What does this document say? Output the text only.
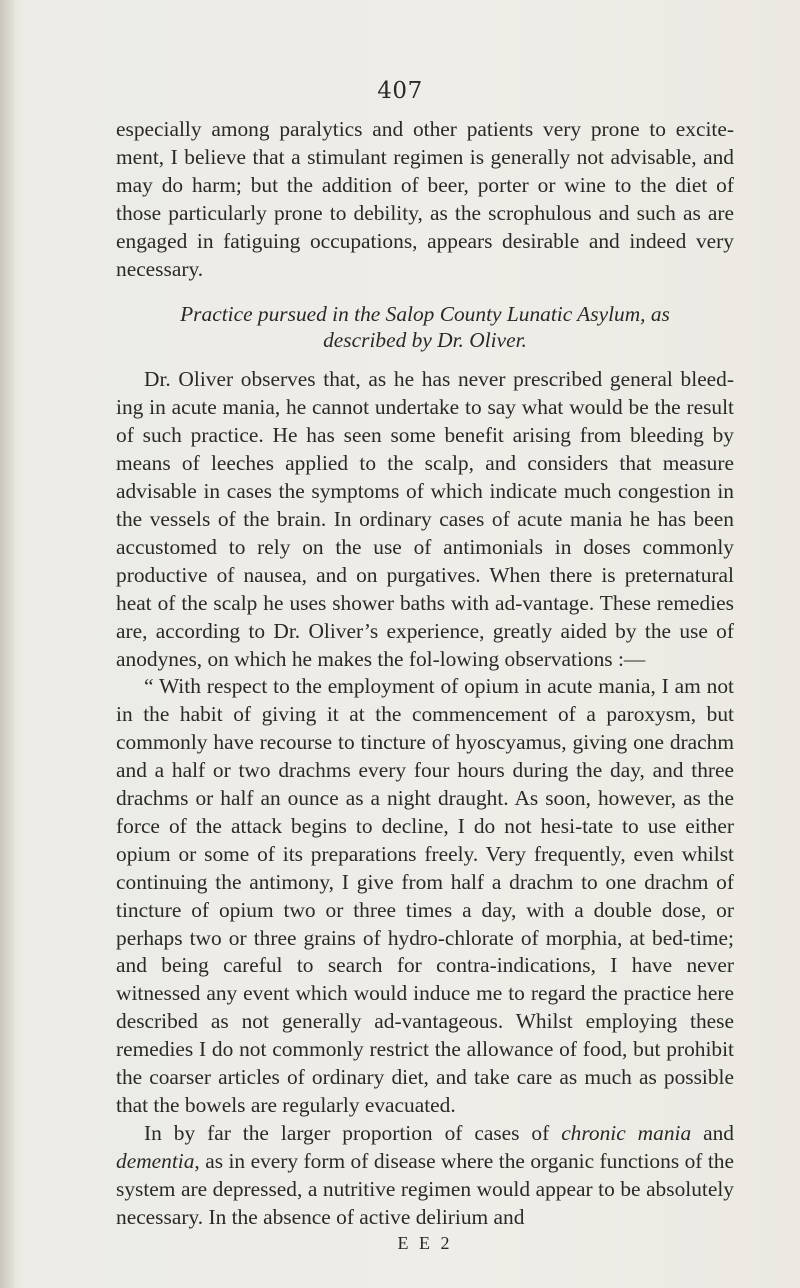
407

especially among paralytics and other patients very prone to excite-ment, I believe that a stimulant regimen is generally not advisable, and may do harm; but the addition of beer, porter or wine to the diet of those particularly prone to debility, as the scrophulous and such as are engaged in fatiguing occupations, appears desirable and indeed very necessary.

Practice pursued in the Salop County Lunatic Asylum, as
described by Dr. Oliver.

Dr. Oliver observes that, as he has never prescribed general bleed-ing in acute mania, he cannot undertake to say what would be the result of such practice. He has seen some benefit arising from bleeding by means of leeches applied to the scalp, and considers that measure advisable in cases the symptoms of which indicate much congestion in the vessels of the brain. In ordinary cases of acute mania he has been accustomed to rely on the use of antimonials in doses commonly productive of nausea, and on purgatives. When there is preternatural heat of the scalp he uses shower baths with ad-vantage. These remedies are, according to Dr. Oliver’s experience, greatly aided by the use of anodynes, on which he makes the fol-lowing observations :—

“ With respect to the employment of opium in acute mania, I am not in the habit of giving it at the commencement of a paroxysm, but commonly have recourse to tincture of hyoscyamus, giving one drachm and a half or two drachms every four hours during the day, and three drachms or half an ounce as a night draught. As soon, however, as the force of the attack begins to decline, I do not hesi-tate to use either opium or some of its preparations freely. Very frequently, even whilst continuing the antimony, I give from half a drachm to one drachm of tincture of opium two or three times a day, with a double dose, or perhaps two or three grains of hydro-chlorate of morphia, at bed-time; and being careful to search for contra-indications, I have never witnessed any event which would induce me to regard the practice here described as not generally ad-vantageous. Whilst employing these remedies I do not commonly restrict the allowance of food, but prohibit the coarser articles of ordinary diet, and take care as much as possible that the bowels are regularly evacuated.

In by far the larger proportion of cases of chronic mania and dementia, as in every form of disease where the organic functions of the system are depressed, a nutritive regimen would appear to be absolutely necessary. In the absence of active delirium and

E E 2
